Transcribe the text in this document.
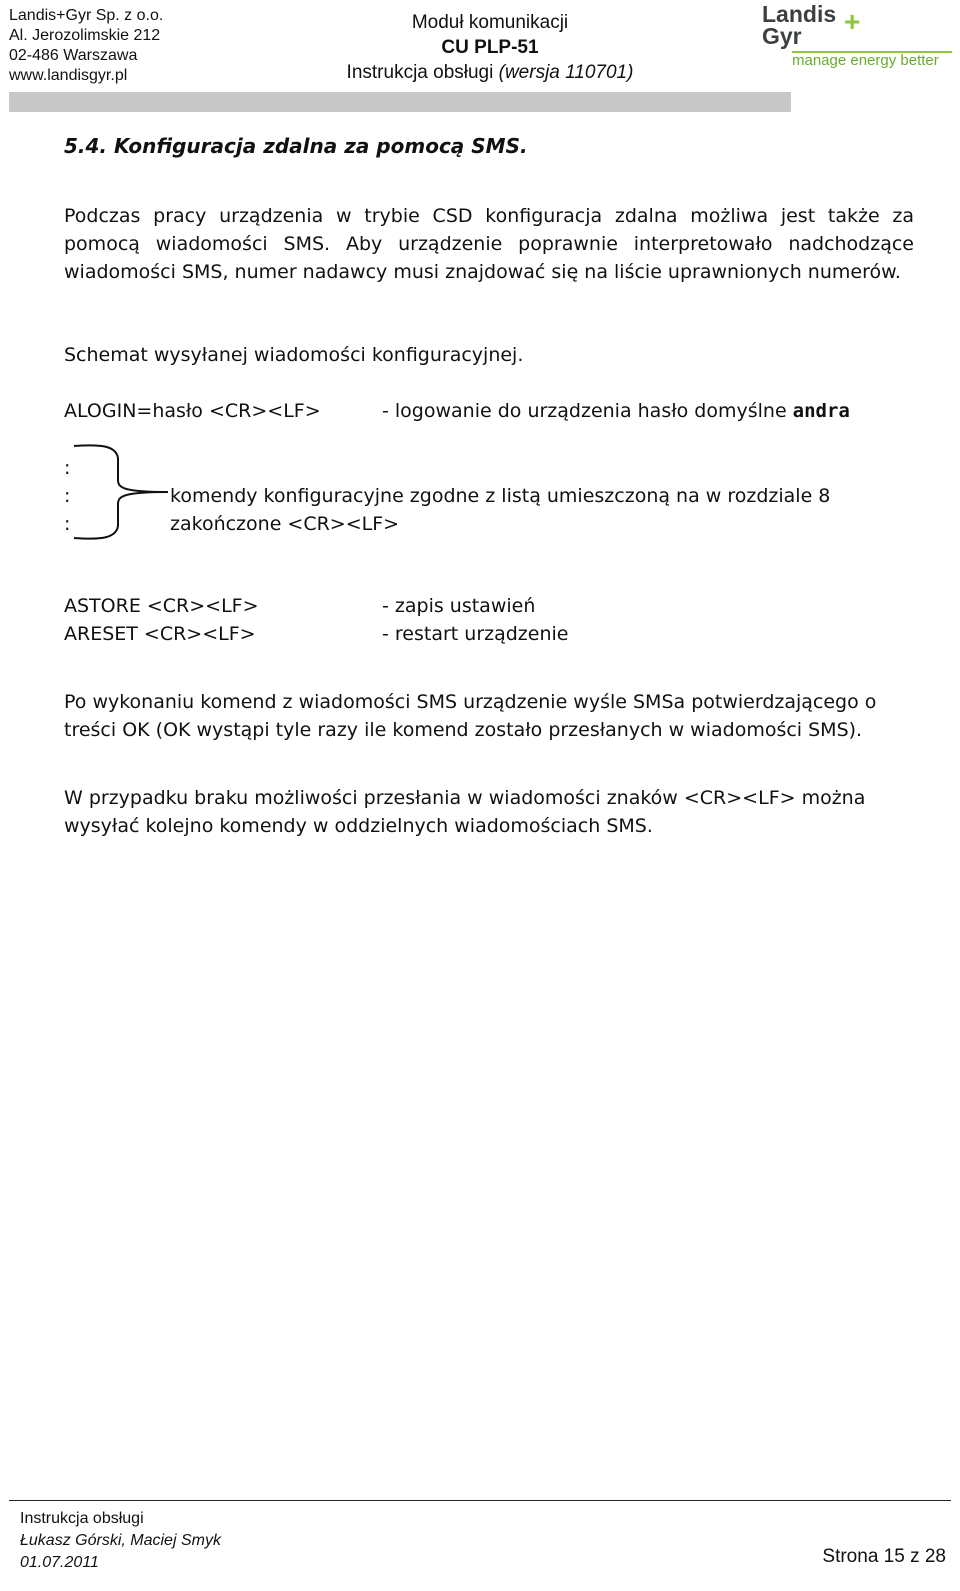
Landis+Gyr Sp. z o.o.
Al. Jerozolimskie 212
02-486 Warszawa
www.landisgyr.pl
Moduł komunikacji
CU PLP-51
Instrukcja obsługi (wersja 110701)
Landis +
Gyr
manage energy better
5.4. Konfiguracja zdalna za pomocą SMS.
Podczas pracy urządzenia w trybie CSD konfiguracja zdalna możliwa jest także za pomocą wiadomości SMS. Aby urządzenie poprawnie interpretowało nadchodzące wiadomości SMS, numer nadawcy musi znajdować się na liście uprawnionych numerów.
Schemat wysyłanej wiadomości konfiguracyjnej.
ALOGIN=hasło <CR><LF>	- logowanie do urządzenia hasło domyślne andra
:
:
:
komendy konfiguracyjne zgodne z listą umieszczoną na w rozdziale 8
zakończone <CR><LF>
ASTORE <CR><LF>	- zapis ustawień
ARESET <CR><LF>	- restart urządzenie
Po wykonaniu komend z wiadomości SMS urządzenie wyśle SMSa potwierdzającego o treści OK (OK wystąpi tyle razy ile komend zostało przesłanych w wiadomości SMS).
W przypadku braku możliwości przesłania w wiadomości znaków <CR><LF> można wysyłać kolejno komendy w oddzielnych wiadomościach SMS.
Instrukcja obsługi
Łukasz Górski, Maciej Smyk
01.07.2011	Strona 15 z 28
